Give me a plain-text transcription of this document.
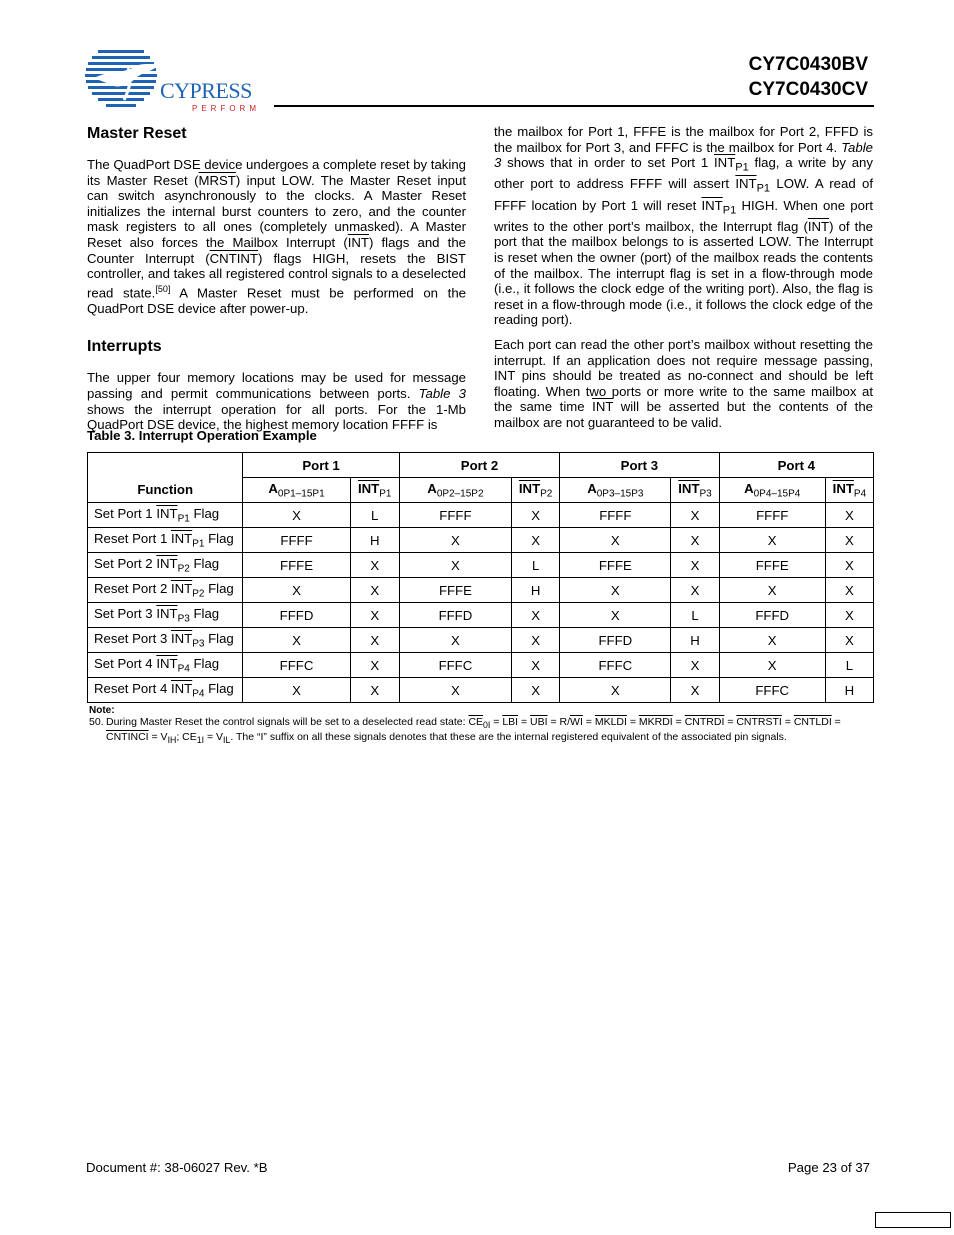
CYPRESS
PERFORM
CY7C0430BV
CY7C0430CV
Master Reset

The QuadPort DSE device undergoes a complete reset by taking its Master Reset (MRST) input LOW. The Master Reset input can switch asynchronously to the clocks. A Master Reset initializes the internal burst counters to zero, and the counter mask registers to all ones (completely unmasked). A Master Reset also forces the Mailbox Interrupt $(\overline{INT})$ flags and the Counter Interrupt (CNTINT) flags HIGH, resets the BIST controller, and takes all registered control signals to a deselected read state.[50] A Master Reset must be performed on the QuadPort DSE device after power-up.

Interrupts

The upper four memory locations may be used for message passing and permit communications between ports. Table 3 shows the interrupt operation for all ports. For the 1-Mb QuadPort DSE device, the highest memory location FFFF is

the mailbox for Port 1, FFFE is the mailbox for Port 2, FFFD is the mailbox for Port 3, and FFFC is the mailbox for Port 4. Table 3 shows that in order to set Port 1 $\overline{INT}_{P1}$ flag, a write by any other port to address FFFF will assert $\overline{INT}_{P1}$ LOW. A read of FFFF location by Port 1 will reset $\overline{INT}_{P1}$ HIGH. When one port writes to the other port’s mailbox, the Interrupt flag $(\overline{INT})$ of the port that the mailbox belongs to is asserted LOW. The Interrupt is reset when the owner (port) of the mailbox reads the contents of the mailbox. The interrupt flag is set in a flow-through mode (i.e., it follows the clock edge of the writing port). Also, the flag is reset in a flow-through mode (i.e., it follows the clock edge of the reading port).

Each port can read the other port’s mailbox without resetting the interrupt. If an application does not require message passing, INT pins should be treated as no-connect and should be left floating. When two ports or more write to the same mailbox at the same time $\overline{INT}$ will be asserted but the contents of the mailbox are not guaranteed to be valid.

Table 3. Interrupt Operation Example
Function	Port 1		Port 2		Port 3		Port 4	
	$A_{0P1-15P1}$	$\overline{INT}_{P1}$	$A_{0P2-15P2}$	$\overline{INT}_{P2}$	$A_{0P3-15P3}$	$\overline{INT}_{P3}$	$A_{0P4-15P4}$	$\overline{INT}_{P4}$
Set Port 1 $\overline{INT}_{P1}$ Flag	X	L	FFFF	X	FFFF	X	FFFF	X
Reset Port 1 $\overline{INT}_{P1}$ Flag	FFFF	H	X	X	X	X	X	X
Set Port 2 $\overline{INT}_{P2}$ Flag	FFFE	X	X	L	FFFE	X	FFFE	X
Reset Port 2 $\overline{INT}_{P2}$ Flag	X	X	FFFE	H	X	X	X	X
Set Port 3 $\overline{INT}_{P3}$ Flag	FFFD	X	FFFD	X	X	L	FFFD	X
Reset Port 3 $\overline{INT}_{P3}$ Flag	X	X	X	X	FFFD	H	X	X
Set Port 4 $\overline{INT}_{P4}$ Flag	FFFC	X	FFFC	X	FFFC	X	X	L
Reset Port 4 $\overline{INT}_{P4}$ Flag	X	X	X	X	X	X	FFFC	H
Note:
50. During Master Reset the control signals will be set to a deselected read state: $\overline{CE}_{0I} = \overline{LBI} = \overline{UBI} = R/\overline{WI}$ = MKLDI = MKRDI = CNTRDI = CNTRSTI = CNTLDI = CNTINCI = $V_{IH}$; $CE_{1I} = V_{IL}$. The “I” suffix on all these signals denotes that these are the internal registered equivalent of the associated pin signals.
Document #: 38-06027 Rev. *B	Page 23 of 37
